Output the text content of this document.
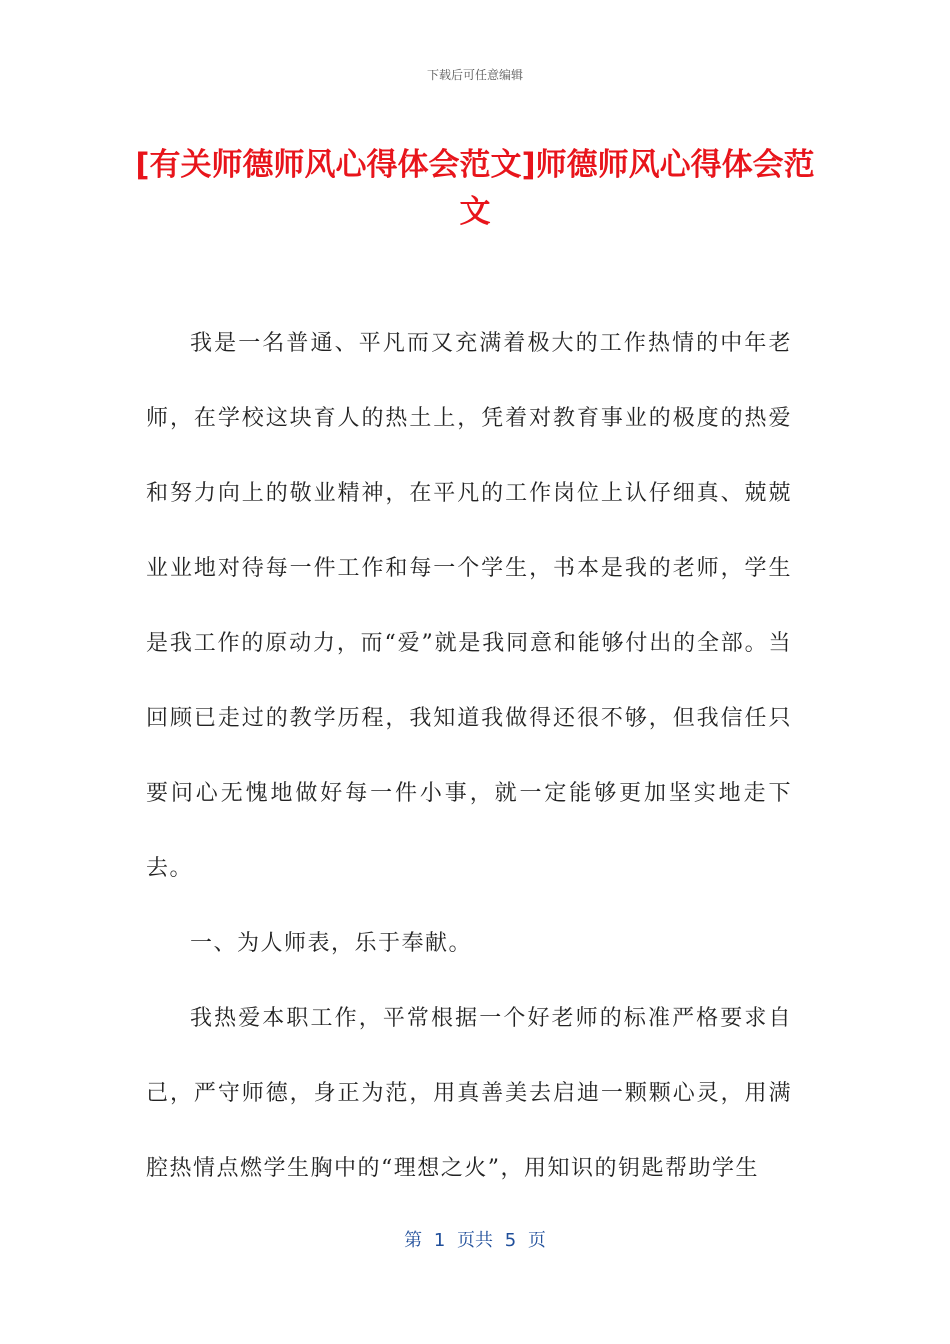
下载后可任意编辑
[有关师德师风心得体会范文]师德师风心得体会范文

我是一名普通、平凡而又充满着极大的工作热情的中年老师，在学校这块育人的热土上，凭着对教育事业的极度的热爱和努力向上的敬业精神，在平凡的工作岗位上认仔细真、兢兢业业地对待每一件工作和每一个学生，书本是我的老师，学生是我工作的原动力，而“爱”就是我同意和能够付出的全部。当回顾已走过的教学历程，我知道我做得还很不够，但我信任只要问心无愧地做好每一件小事，就一定能够更加坚实地走下去。

一、为人师表，乐于奉献。

我热爱本职工作，平常根据一个好老师的标准严格要求自己，严守师德，身正为范，用真善美去启迪一颗颗心灵，用满腔热情点燃学生胸中的“理想之火”，用知识的钥匙帮助学生

第 1 页共 5 页
